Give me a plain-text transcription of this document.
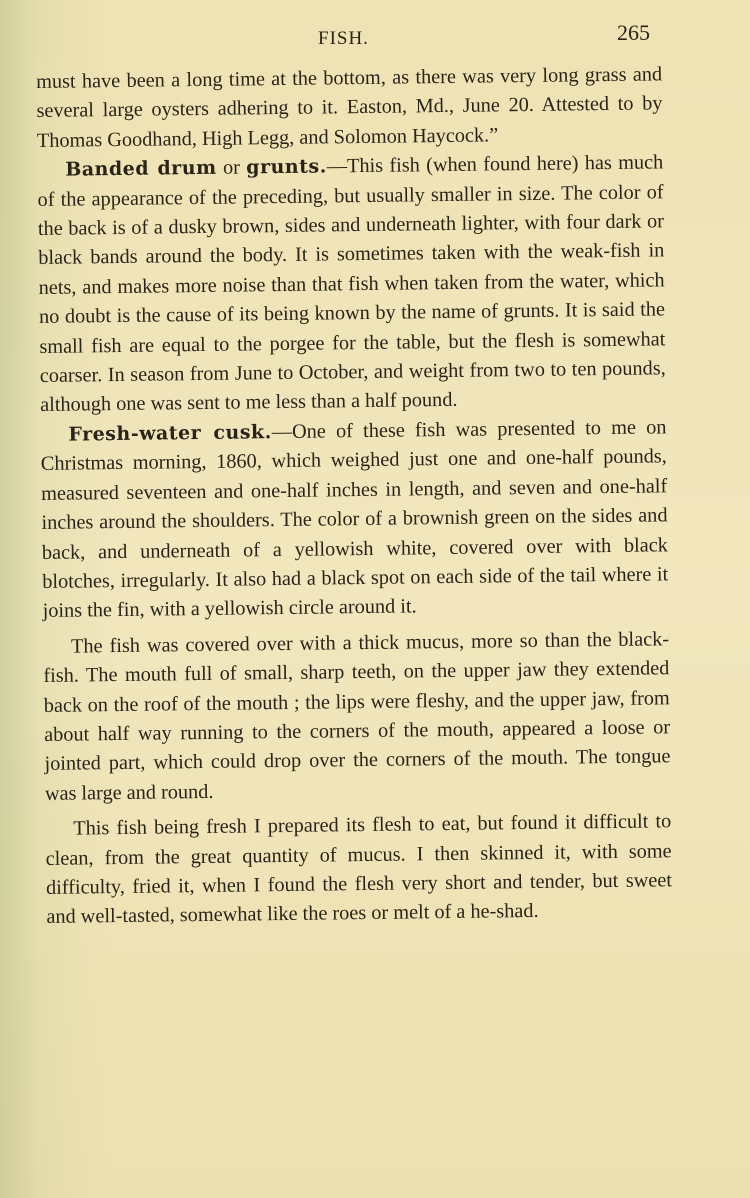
FISH.	265

must have been a long time at the bottom, as there was very long grass and several large oysters adhering to it. Easton, Md., June 20. Attested to by Thomas Goodhand, High Legg, and Solomon Haycock.”

Banded drum or grunts.—This fish (when found here) has much of the appearance of the preceding, but usually smaller in size. The color of the back is of a dusky brown, sides and underneath lighter, with four dark or black bands around the body. It is sometimes taken with the weak-fish in nets, and makes more noise than that fish when taken from the water, which no doubt is the cause of its being known by the name of grunts. It is said the small fish are equal to the porgee for the table, but the flesh is somewhat coarser. In season from June to October, and weight from two to ten pounds, although one was sent to me less than a half pound.

Fresh-water cusk.—One of these fish was presented to me on Christmas morning, 1860, which weighed just one and one-half pounds, measured seventeen and one-half inches in length, and seven and one-half inches around the shoulders. The color of a brownish green on the sides and back, and underneath of a yellowish white, covered over with black blotches, irregularly. It also had a black spot on each side of the tail where it joins the fin, with a yellowish circle around it.

The fish was covered over with a thick mucus, more so than the black-fish. The mouth full of small, sharp teeth, on the upper jaw they extended back on the roof of the mouth ; the lips were fleshy, and the upper jaw, from about half way running to the corners of the mouth, appeared a loose or jointed part, which could drop over the corners of the mouth. The tongue was large and round.

This fish being fresh I prepared its flesh to eat, but found it difficult to clean, from the great quantity of mucus. I then skinned it, with some difficulty, fried it, when I found the flesh very short and tender, but sweet and well-tasted, somewhat like the roes or melt of a he-shad.
